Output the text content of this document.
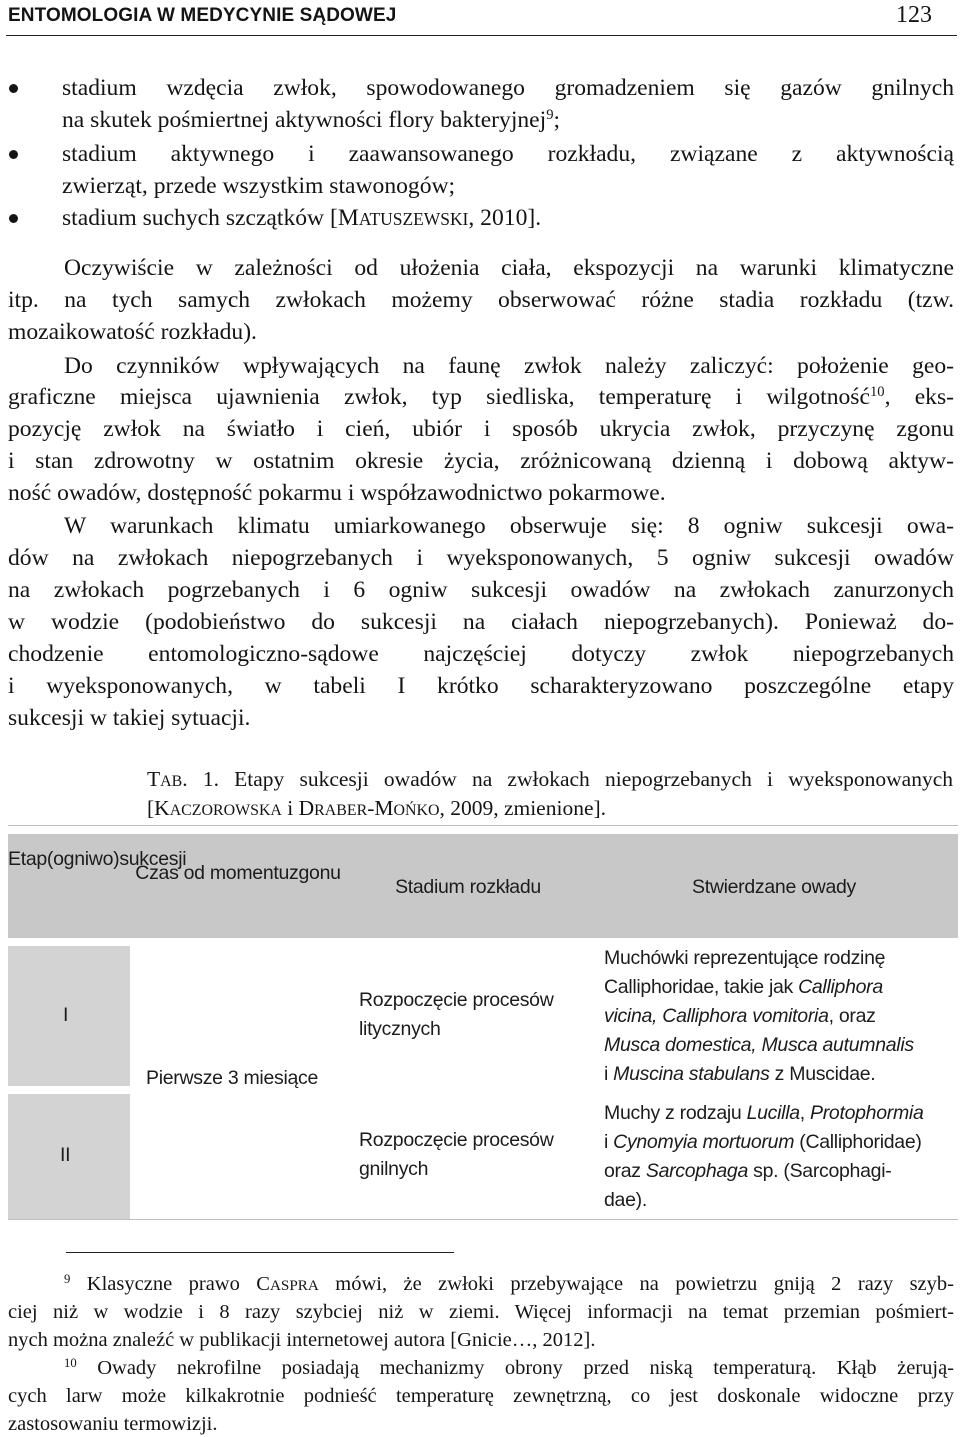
ENTOMOLOGIA W MEDYCYNIE SĄDOWEJ	123
stadium wzdęcia zwłok, spowodowanego gromadzeniem się gazów gnilnych
na skutek pośmiertnej aktywności flory bakteryjnej$^9$;
stadium aktywnego i zaawansowanego rozkładu, związane z aktywnością
zwierząt, przede wszystkim stawonogów;
stadium suchych szczątków [MATUSZEWSKI, 2010].
Oczywiście w zależności od ułożenia ciała, ekspozycji na warunki klimatyczne
itp. na tych samych zwłokach możemy obserwować różne stadia rozkładu (tzw.
mozaikowatość rozkładu).
Do czynników wpływających na faunę zwłok należy zaliczyć: położenie geo-
graficzne miejsca ujawnienia zwłok, typ siedliska, temperaturę i wilgotność$^{10}$, eks-
pozycję zwłok na światło i cień, ubiór i sposób ukrycia zwłok, przyczynę zgonu
i stan zdrowotny w ostatnim okresie życia, zróżnicowaną dzienną i dobową aktyw-
ność owadów, dostępność pokarmu i współzawodnictwo pokarmowe.
W warunkach klimatu umiarkowanego obserwuje się: 8 ogniw sukcesji owa-
dów na zwłokach niepogrzebanych i wyeksponowanych, 5 ogniw sukcesji owadów
na zwłokach pogrzebanych i 6 ogniw sukcesji owadów na zwłokach zanurzonych
w wodzie (podobieństwo do sukcesji na ciałach niepogrzebanych). Ponieważ do-
chodzenie entomologiczno-sądowe najczęściej dotyczy zwłok niepogrzebanych
i wyeksponowanych, w tabeli I krótko scharakteryzowano poszczególne etapy
sukcesji w takiej sytuacji.
TAB. 1. Etapy sukcesji owadów na zwłokach niepogrzebanych i wyeksponowanych
[KACZOROWSKA i DRABER-MOŃKO, 2009, zmienione].
Etap(ogniwo)sukcesji
Czas od momentuzgonu
Stadium rozkładu	Stwierdzane owady
I
Rozpoczęcie procesów
litycznych
Muchówki reprezentujące rodzinę
Calliphoridae, takie jak Calliphora
vicina, Calliphora vomitoria, oraz
Musca domestica, Musca autumnalis
i Muscina stabulans z Muscidae.
Pierwsze 3 miesiące
II
Rozpoczęcie procesów
gnilnych
Muchy z rodzaju Lucilla, Protophormia
i Cynomyia mortuorum (Calliphoridae)
oraz Sarcophaga sp. (Sarcophagi-
dae).
$^9$ Klasyczne prawo CASPRA mówi, że zwłoki przebywające na powietrzu gniją 2 razy szyb-
ciej niż w wodzie i 8 razy szybciej niż w ziemi. Więcej informacji na temat przemian pośmiert-
nych można znaleźć w publikacji internetowej autora [Gnicie…, 2012].
$^{10}$ Owady nekrofilne posiadają mechanizmy obrony przed niską temperaturą. Kłąb żerują-
cych larw może kilkakrotnie podnieść temperaturę zewnętrzną, co jest doskonale widoczne przy
zastosowaniu termowizji.
